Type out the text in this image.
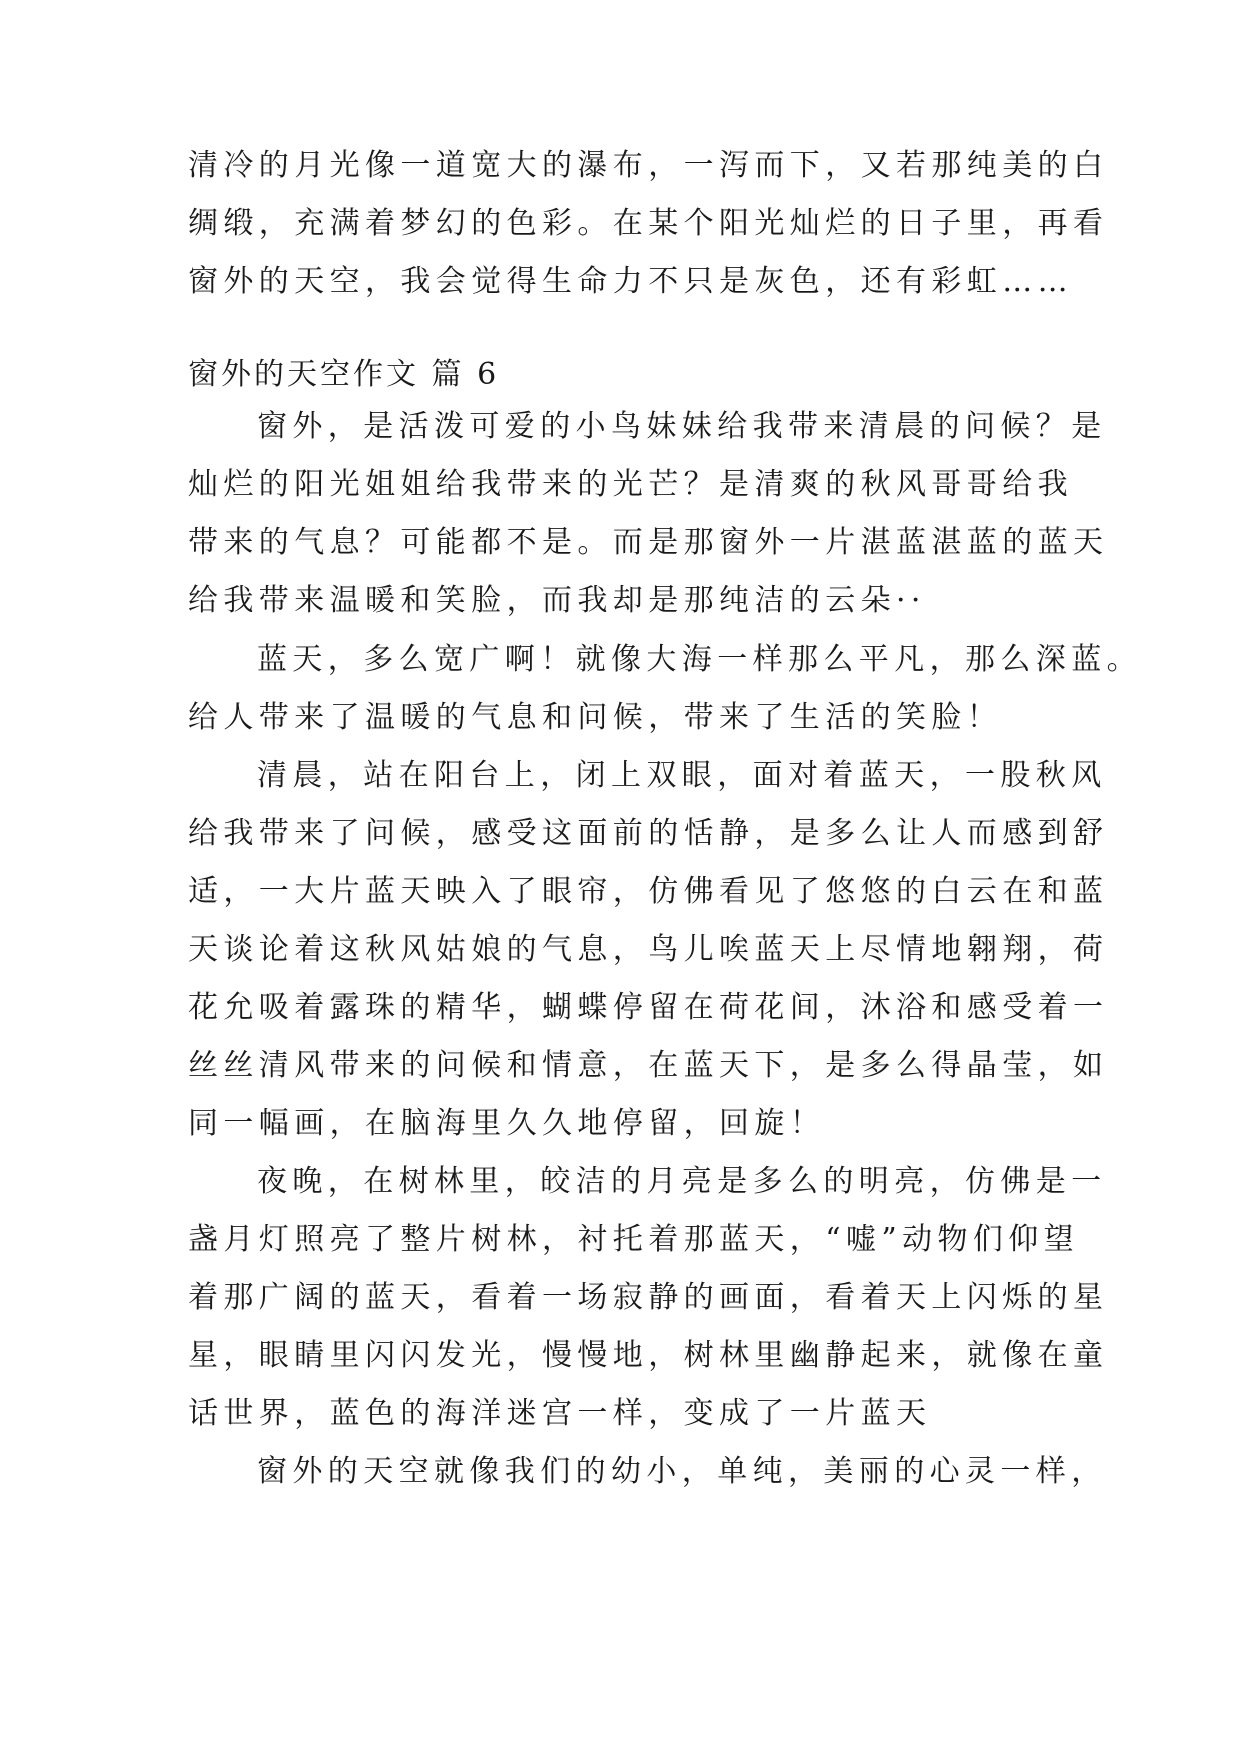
清冷的月光像一道宽大的瀑布，一泻而下，又若那纯美的白
绸缎，充满着梦幻的色彩。在某个阳光灿烂的日子里，再看
窗外的天空，我会觉得生命力不只是灰色，还有彩虹……
窗外的天空作文 篇 6
窗外，是活泼可爱的小鸟妹妹给我带来清晨的问候？是
灿烂的阳光姐姐给我带来的光芒？是清爽的秋风哥哥给我
带来的气息？可能都不是。而是那窗外一片湛蓝湛蓝的蓝天
给我带来温暖和笑脸，而我却是那纯洁的云朵··
蓝天，多么宽广啊！就像大海一样那么平凡，那么深蓝。
给人带来了温暖的气息和问候，带来了生活的笑脸！
清晨，站在阳台上，闭上双眼，面对着蓝天，一股秋风
给我带来了问候，感受这面前的恬静，是多么让人而感到舒
适，一大片蓝天映入了眼帘，仿佛看见了悠悠的白云在和蓝
天谈论着这秋风姑娘的气息，鸟儿唉蓝天上尽情地翱翔，荷
花允吸着露珠的精华，蝴蝶停留在荷花间，沐浴和感受着一
丝丝清风带来的问候和情意，在蓝天下，是多么得晶莹，如
同一幅画，在脑海里久久地停留，回旋！
夜晚，在树林里，皎洁的月亮是多么的明亮，仿佛是一
盏月灯照亮了整片树林，衬托着那蓝天，“嘘”动物们仰望
着那广阔的蓝天，看着一场寂静的画面，看着天上闪烁的星
星，眼睛里闪闪发光，慢慢地，树林里幽静起来，就像在童
话世界，蓝色的海洋迷宫一样，变成了一片蓝天
窗外的天空就像我们的幼小，单纯，美丽的心灵一样，
